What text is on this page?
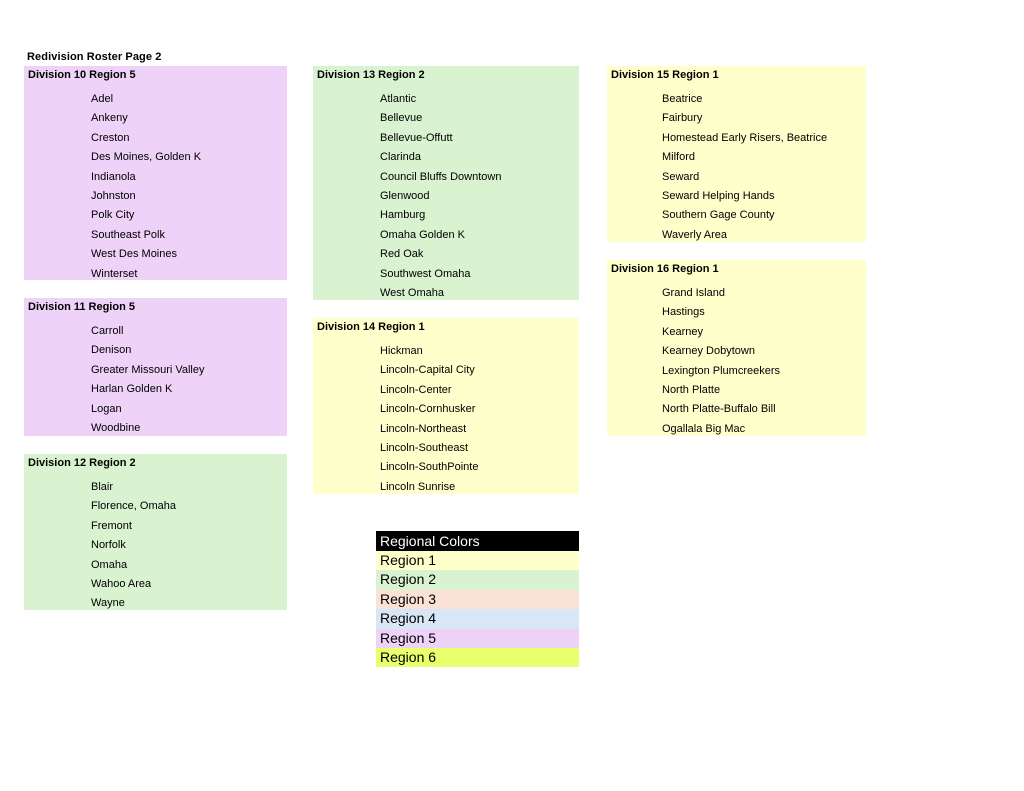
Redivision Roster Page 2
Division 10 Region 5
Adel
Ankeny
Creston
Des Moines, Golden K
Indianola
Johnston
Polk City
Southeast Polk
West Des Moines
Winterset
Division 11 Region 5
Carroll
Denison
Greater Missouri Valley
Harlan Golden K
Logan
Woodbine
Division 12 Region 2
Blair
Florence, Omaha
Fremont
Norfolk
Omaha
Wahoo Area
Wayne
Division 13 Region 2
Atlantic
Bellevue
Bellevue-Offutt
Clarinda
Council Bluffs Downtown
Glenwood
Hamburg
Omaha Golden K
Red Oak
Southwest Omaha
West Omaha
Division 14 Region 1
Hickman
Lincoln-Capital City
Lincoln-Center
Lincoln-Cornhusker
Lincoln-Northeast
Lincoln-Southeast
Lincoln-SouthPointe
Lincoln Sunrise
Division 15 Region 1
Beatrice
Fairbury
Homestead Early Risers, Beatrice
Milford
Seward
Seward Helping Hands
Southern Gage County
Waverly Area
Division 16 Region 1
Grand Island
Hastings
Kearney
Kearney Dobytown
Lexington Plumcreekers
North Platte
North Platte-Buffalo Bill
Ogallala Big Mac
Regional Colors
Region 1
Region 2
Region 3
Region 4
Region 5
Region 6
